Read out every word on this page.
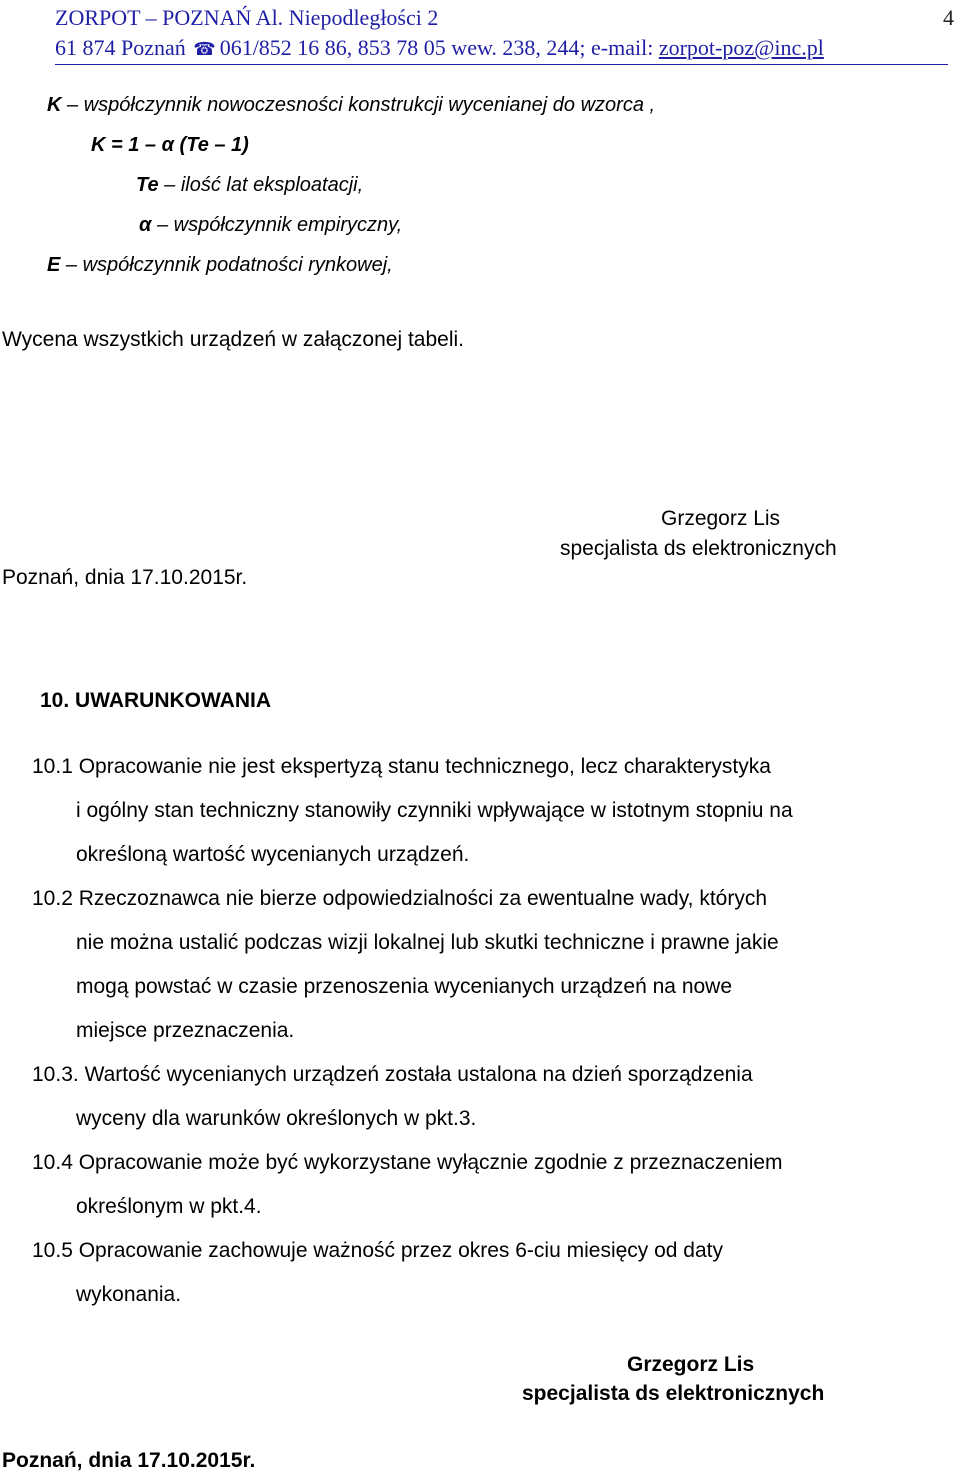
ZORPOT – POZNAŃ Al. Niepodległości 2
61 874 Poznań ☎ 061/852 16 86, 853 78 05 wew. 238, 244; e-mail: zorpot-poz@inc.pl
4
K – współczynnik nowoczesności konstrukcji wycenianej do wzorca ,
K = 1 – α (Te – 1)
Te – ilość lat eksploatacji,
α – współczynnik empiryczny,
E – współczynnik podatności rynkowej,
Wycena wszystkich urządzeń w załączonej tabeli.
Grzegorz Lis
specjalista ds elektronicznych
Poznań, dnia 17.10.2015r.
10. UWARUNKOWANIA
10.1 Opracowanie nie jest ekspertyzą stanu technicznego, lecz charakterystyka
i ogólny stan techniczny stanowiły czynniki wpływające w istotnym stopniu na
określoną wartość wycenianych urządzeń.
10.2 Rzeczoznawca nie bierze odpowiedzialności za ewentualne wady, których
nie można ustalić podczas wizji lokalnej lub skutki techniczne i prawne jakie
mogą powstać w czasie przenoszenia wycenianych urządzeń na nowe
miejsce przeznaczenia.
10.3. Wartość wycenianych urządzeń została ustalona na dzień sporządzenia
wyceny dla warunków określonych w pkt.3.
10.4 Opracowanie może być wykorzystane wyłącznie zgodnie z przeznaczeniem
określonym w pkt.4.
10.5 Opracowanie zachowuje ważność przez okres 6-ciu miesięcy od daty
wykonania.
Grzegorz Lis
specjalista ds elektronicznych
Poznań, dnia 17.10.2015r.
